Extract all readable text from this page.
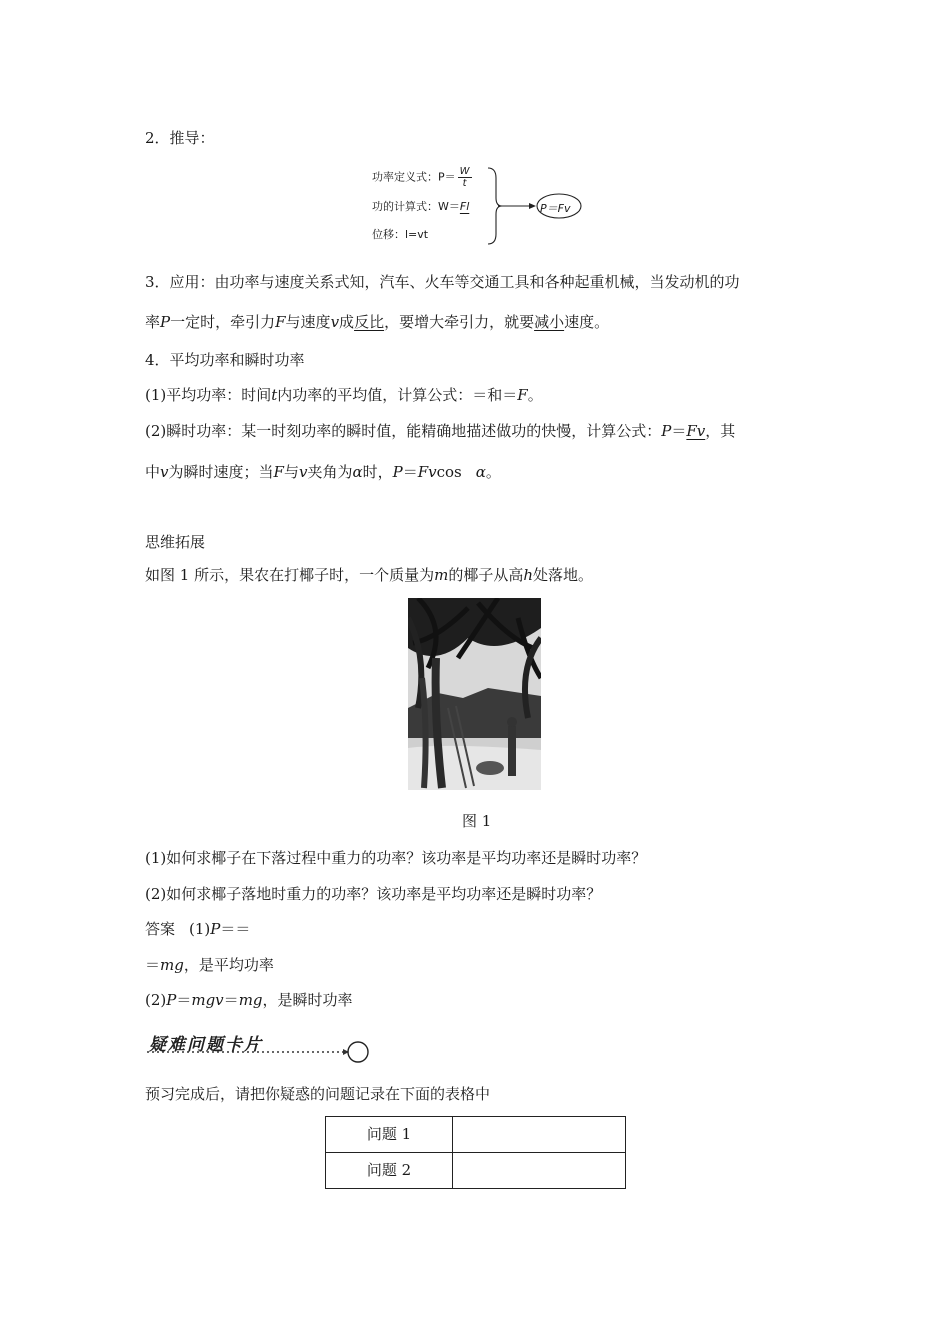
2．推导：
功率定义式：$P= \frac{W}{t}$
功的计算式：W＝Fl
位移：l=vt
P＝Fv
3．应用：由功率与速度关系式知，汽车、火车等交通工具和各种起重机械，当发动机的功
率P一定时，牵引力F与速度v成反比，要增大牵引力，就要减小速度。
4．平均功率和瞬时功率
(1)平均功率：时间t内功率的平均值，计算公式：＝和＝F。
(2)瞬时功率：某一时刻功率的瞬时值，能精确地描述做功的快慢，计算公式：P＝Fv，其
中v为瞬时速度；当F与v夹角为α时，P＝Fvcos α。
思维拓展
如图 1 所示，果农在打椰子时，一个质量为m的椰子从高h处落地。
图 1
(1)如何求椰子在下落过程中重力的功率？该功率是平均功率还是瞬时功率？
(2)如何求椰子落地时重力的功率？该功率是平均功率还是瞬时功率？
答案 (1)P＝＝
＝mg，是平均功率
(2)P＝mgv＝mg，是瞬时功率
疑难问题卡片
预习完成后，请把你疑惑的问题记录在下面的表格中
问题 1	
问题 2	
